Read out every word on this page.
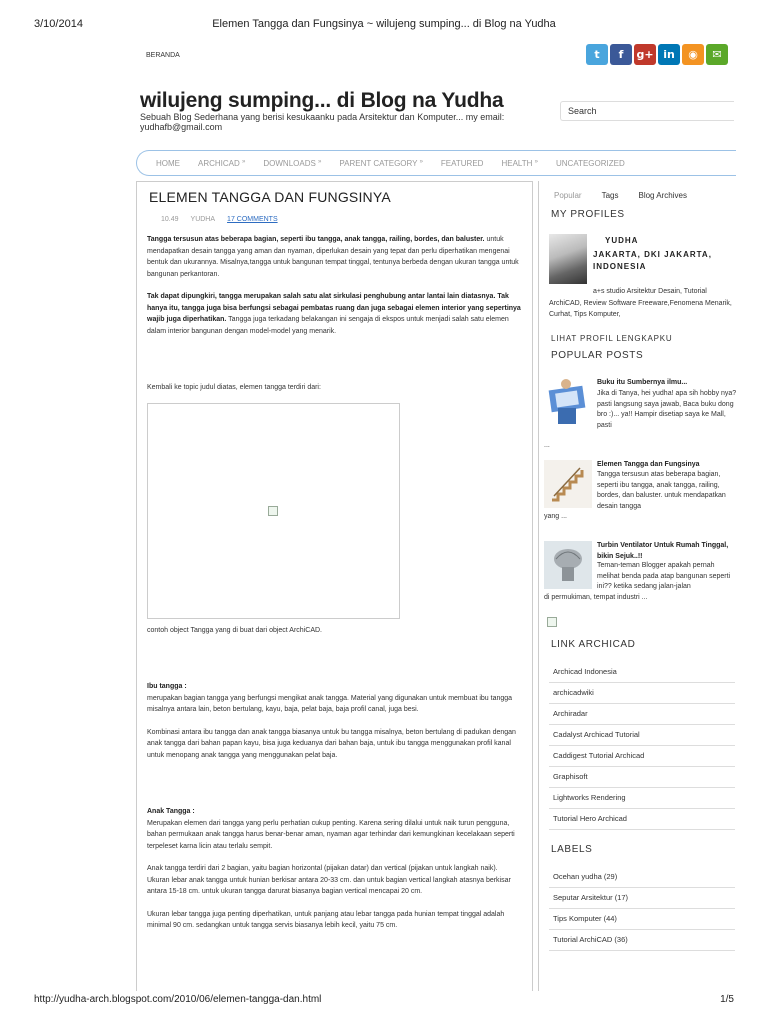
3/10/2014	Elemen Tangga dan Fungsinya ~ wilujeng sumping... di Blog na Yudha
BERANDA	t	f	g+ in	◉	✉
wilujeng sumping... di Blog na Yudha
Sebuah Blog Sederhana yang berisi kesukaanku pada Arsitektur dan Komputer... my email: yudhafb@gmail.com
Search
HOME	ARCHICAD »	DOWNLOADS »	PARENT CATEGORY »	FEATURED	HEALTH »	UNCATEGORIZED
ELEMEN TANGGA DAN FUNGSINYA
10.49 YUDHA 17 COMMENTS

Tangga tersusun atas beberapa bagian, seperti ibu tangga, anak tangga, railing, bordes, dan baluster. untuk mendapatkan desain tangga yang aman dan nyaman, diperlukan desain yang tepat dan perlu diperhatikan mengenai bentuk dan ukurannya. Misalnya,tangga untuk bangunan tempat tinggal, tentunya berbeda dengan ukuran tangga untuk bangunan perkantoran.

Tak dapat dipungkiri, tangga merupakan salah satu alat sirkulasi penghubung antar lantai lain diatasnya. Tak hanya itu, tangga juga bisa berfungsi sebagai pembatas ruang dan juga sebagai elemen interior yang sepertinya wajib juga diperhatikan. Tangga juga terkadang belakangan ini sengaja di ekspos untuk menjadi salah satu elemen dalam interior bangunan dengan model-model yang menarik.

Kembali ke topic judul diatas, elemen tangga terdiri dari:

contoh object Tangga yang di buat dari object ArchiCAD.

Ibu tangga :
merupakan bagian tangga yang berfungsi mengikat anak tangga. Material yang digunakan untuk membuat ibu tangga misalnya antara lain, beton bertulang, kayu, baja, pelat baja, baja profil canal, juga besi.

Kombinasi antara ibu tangga dan anak tangga biasanya untuk bu tangga misalnya, beton bertulang di padukan dengan anak tangga dari bahan papan kayu, bisa juga keduanya dari bahan baja, untuk ibu tangga menggunakan profil kanal untuk menopang anak tangga yang menggunakan pelat baja.

Anak Tangga :
Merupakan elemen dari tangga yang perlu perhatian cukup penting. Karena sering dilalui untuk naik turun pengguna, bahan permukaan anak tangga harus benar-benar aman, nyaman agar terhindar dari kemungkinan kecelakaan seperti terpeleset karna licin atau terlalu sempit.

Anak tangga terdiri dari 2 bagian, yaitu bagian horizontal (pijakan datar) dan vertical (pijakan untuk langkah naik). Ukuran lebar anak tangga untuk hunian berkisar antara 20-33 cm. dan untuk bagian vertical langkah atasnya berkisar antara 15-18 cm. untuk ukuran tangga darurat biasanya bagian vertical mencapai 20 cm.

Ukuran lebar tangga juga penting diperhatikan, untuk panjang atau lebar tangga pada hunian tempat tinggal adalah minimal 90 cm. sedangkan untuk tangga servis biasanya lebih kecil, yaitu 75 cm.

Popular	Tags	Blog Archives
MY PROFILES
YUDHA
JAKARTA, DKI JAKARTA, INDONESIA
a+s studio Arsitektur Desain, Tutorial ArchiCAD, Review Software Freeware,Fenomena Menarik, Curhat, Tips Komputer,
LIHAT PROFIL LENGKAPKU
POPULAR POSTS
Buku itu Sumbernya ilmu...
Jika di Tanya, hei yudha! apa sih hobby nya? pasti langsung saya jawab, Baca buku dong bro :)... ya!! Hampir disetiap saya ke Mall, pasti
...
Elemen Tangga dan Fungsinya
Tangga tersusun atas beberapa bagian, seperti ibu tangga, anak tangga, railing, bordes, dan baluster. untuk mendapatkan desain tangga
yang ...
Turbin Ventilator Untuk Rumah Tinggal, bikin Sejuk..!!
Teman-teman Blogger apakah pernah melihat benda pada atap bangunan seperti ini?? ketika sedang jalan-jalan
di permukiman, tempat industri ...
LINK ARCHICAD
Archicad Indonesia
archicadwiki
Archiradar
Cadalyst Archicad Tutorial
Caddigest Tutorial Archicad
Graphisoft
Lightworks Rendering
Tutorial Hero Archicad
LABELS
Ocehan yudha (29)
Seputar Arsitektur (17)
Tips Komputer (44)
Tutorial ArchiCAD (36)
http://yudha-arch.blogspot.com/2010/06/elemen-tangga-dan.html	1/5
